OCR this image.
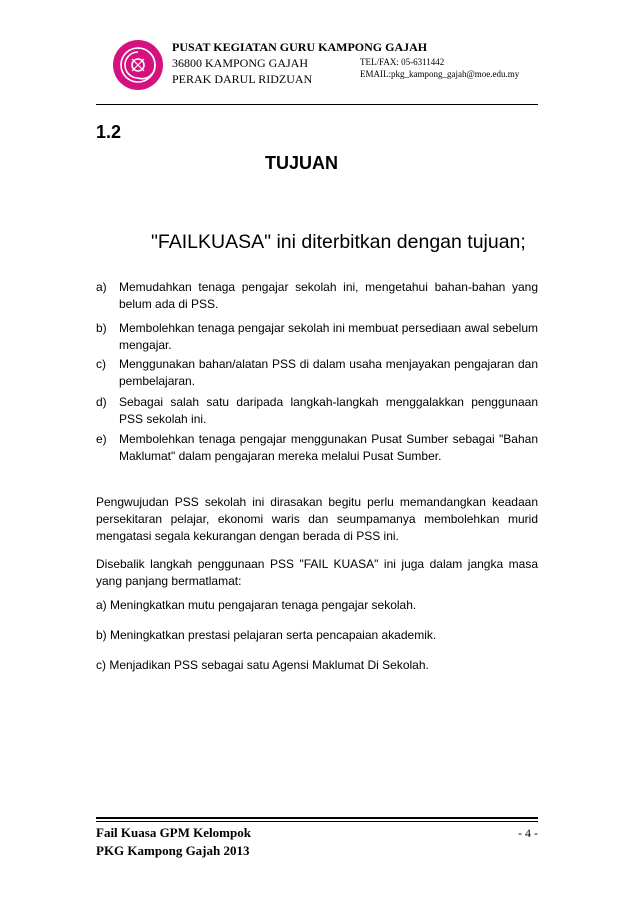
PUSAT KEGIATAN GURU KAMPONG GAJAH
36800 KAMPONG GAJAH
PERAK DARUL RIDZUAN
TEL/FAX: 05-6311442
EMAIL:pkg_kampong_gajah@moe.edu.my
1.2
TUJUAN
"FAILKUASA" ini diterbitkan dengan tujuan;
a)	Memudahkan tenaga pengajar sekolah ini, mengetahui bahan-bahan yang belum ada di PSS.
b)	Membolehkan tenaga pengajar sekolah ini membuat persediaan awal sebelum mengajar.
c)	Menggunakan bahan/alatan PSS di dalam usaha menjayakan pengajaran dan pembelajaran.
d)	Sebagai salah satu daripada langkah-langkah menggalakkan penggunaan PSS sekolah ini.
e)	Membolehkan tenaga pengajar menggunakan Pusat Sumber sebagai "Bahan Maklumat" dalam pengajaran mereka melalui Pusat Sumber.
Pengwujudan PSS sekolah ini dirasakan begitu perlu memandangkan keadaan persekitaran pelajar, ekonomi waris dan seumpamanya membolehkan murid mengatasi segala kekurangan dengan berada di PSS ini.
Disebalik langkah penggunaan PSS "FAIL KUASA" ini juga dalam jangka masa yang panjang bermatlamat:
a) Meningkatkan mutu pengajaran tenaga pengajar sekolah.
b) Meningkatkan prestasi pelajaran serta pencapaian akademik.
c) Menjadikan PSS sebagai satu Agensi Maklumat Di Sekolah.
Fail Kuasa GPM Kelompok
PKG Kampong Gajah 2013
- 4 -
